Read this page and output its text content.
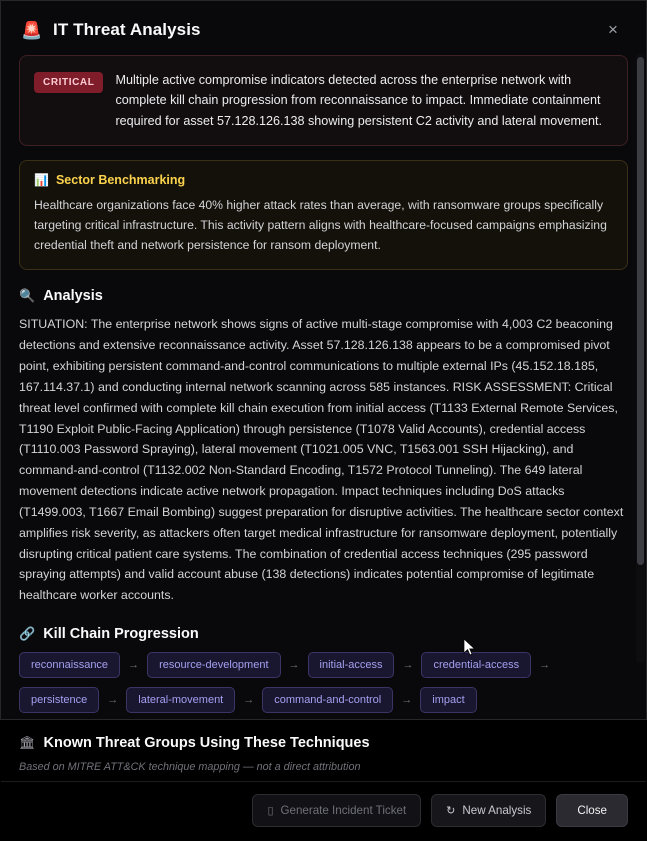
🚨 IT Threat Analysis	×
CRITICAL	Multiple active compromise indicators detected across the enterprise network with complete kill chain progression from reconnaissance to impact. Immediate containment required for asset 57.128.126.138 showing persistent C2 activity and lateral movement.
📊 Sector Benchmarking
Healthcare organizations face 40% higher attack rates than average, with ransomware groups specifically targeting critical infrastructure. This activity pattern aligns with healthcare-focused campaigns emphasizing credential theft and network persistence for ransom deployment.
🔍 Analysis
SITUATION: The enterprise network shows signs of active multi-stage compromise with 4,003 C2 beaconing detections and extensive reconnaissance activity. Asset 57.128.126.138 appears to be a compromised pivot point, exhibiting persistent command-and-control communications to multiple external IPs (45.152.18.185, 167.114.37.1) and conducting internal network scanning across 585 instances. RISK ASSESSMENT: Critical threat level confirmed with complete kill chain execution from initial access (T1133 External Remote Services, T1190 Exploit Public-Facing Application) through persistence (T1078 Valid Accounts), credential access (T1110.003 Password Spraying), lateral movement (T1021.005 VNC, T1563.001 SSH Hijacking), and command-and-control (T1132.002 Non-Standard Encoding, T1572 Protocol Tunneling). The 649 lateral movement detections indicate active network propagation. Impact techniques including DoS attacks (T1499.003, T1667 Email Bombing) suggest preparation for disruptive activities. The healthcare sector context amplifies risk severity, as attackers often target medical infrastructure for ransomware deployment, potentially disrupting critical patient care systems. The combination of credential access techniques (295 password spraying attempts) and valid account abuse (138 detections) indicates potential compromise of legitimate healthcare worker accounts.
🔗 Kill Chain Progression
reconnaissance	→	resource-development	→	initial-access	→	credential-access	→
persistence	→	lateral-movement	→	command-and-control	→	impact
🏛 Known Threat Groups Using These Techniques
Based on MITRE ATT&CK technique mapping — not a direct attribution
▯ Generate Incident Ticket	↻ New Analysis	Close
